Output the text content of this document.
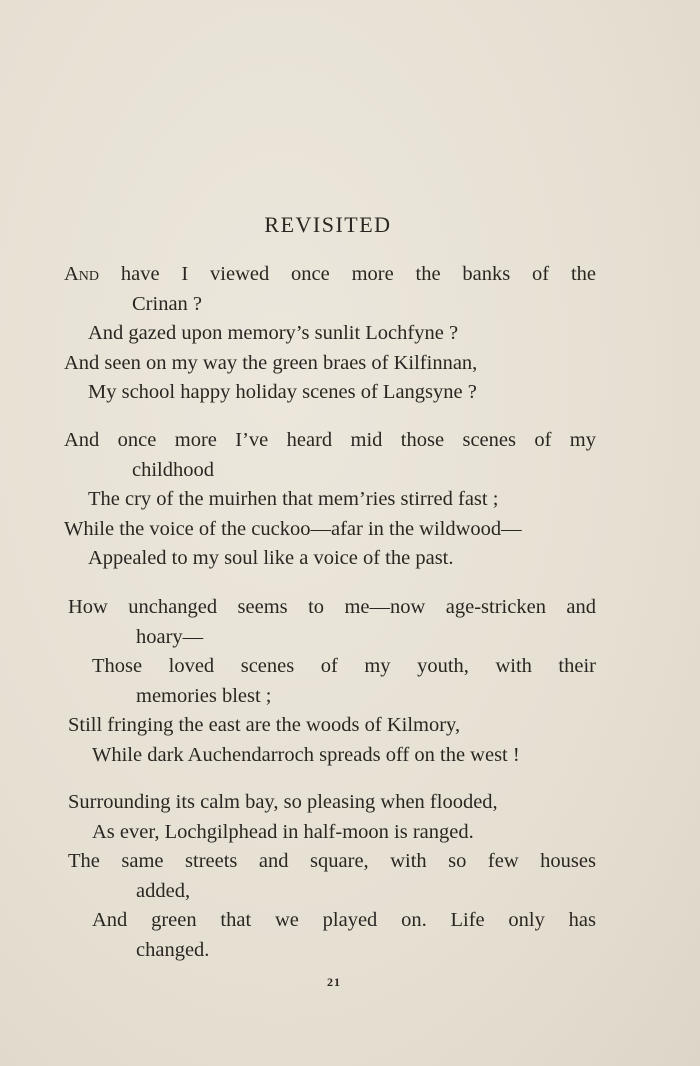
REVISITED
And have I viewed once more the banks of the
Crinan ?
And gazed upon memory’s sunlit Lochfyne ?
And seen on my way the green braes of Kilfinnan,
My school happy holiday scenes of Langsyne ?
And once more I’ve heard mid those scenes of my
childhood
The cry of the muirhen that mem’ries stirred fast ;
While the voice of the cuckoo—afar in the wildwood—
Appealed to my soul like a voice of the past.
How unchanged seems to me—now age-stricken and
hoary—
Those loved scenes of my youth, with their
memories blest ;
Still fringing the east are the woods of Kilmory,
While dark Auchendarroch spreads off on the west !
Surrounding its calm bay, so pleasing when flooded,
As ever, Lochgilphead in half-moon is ranged.
The same streets and square, with so few houses
added,
And green that we played on. Life only has
changed.
21
